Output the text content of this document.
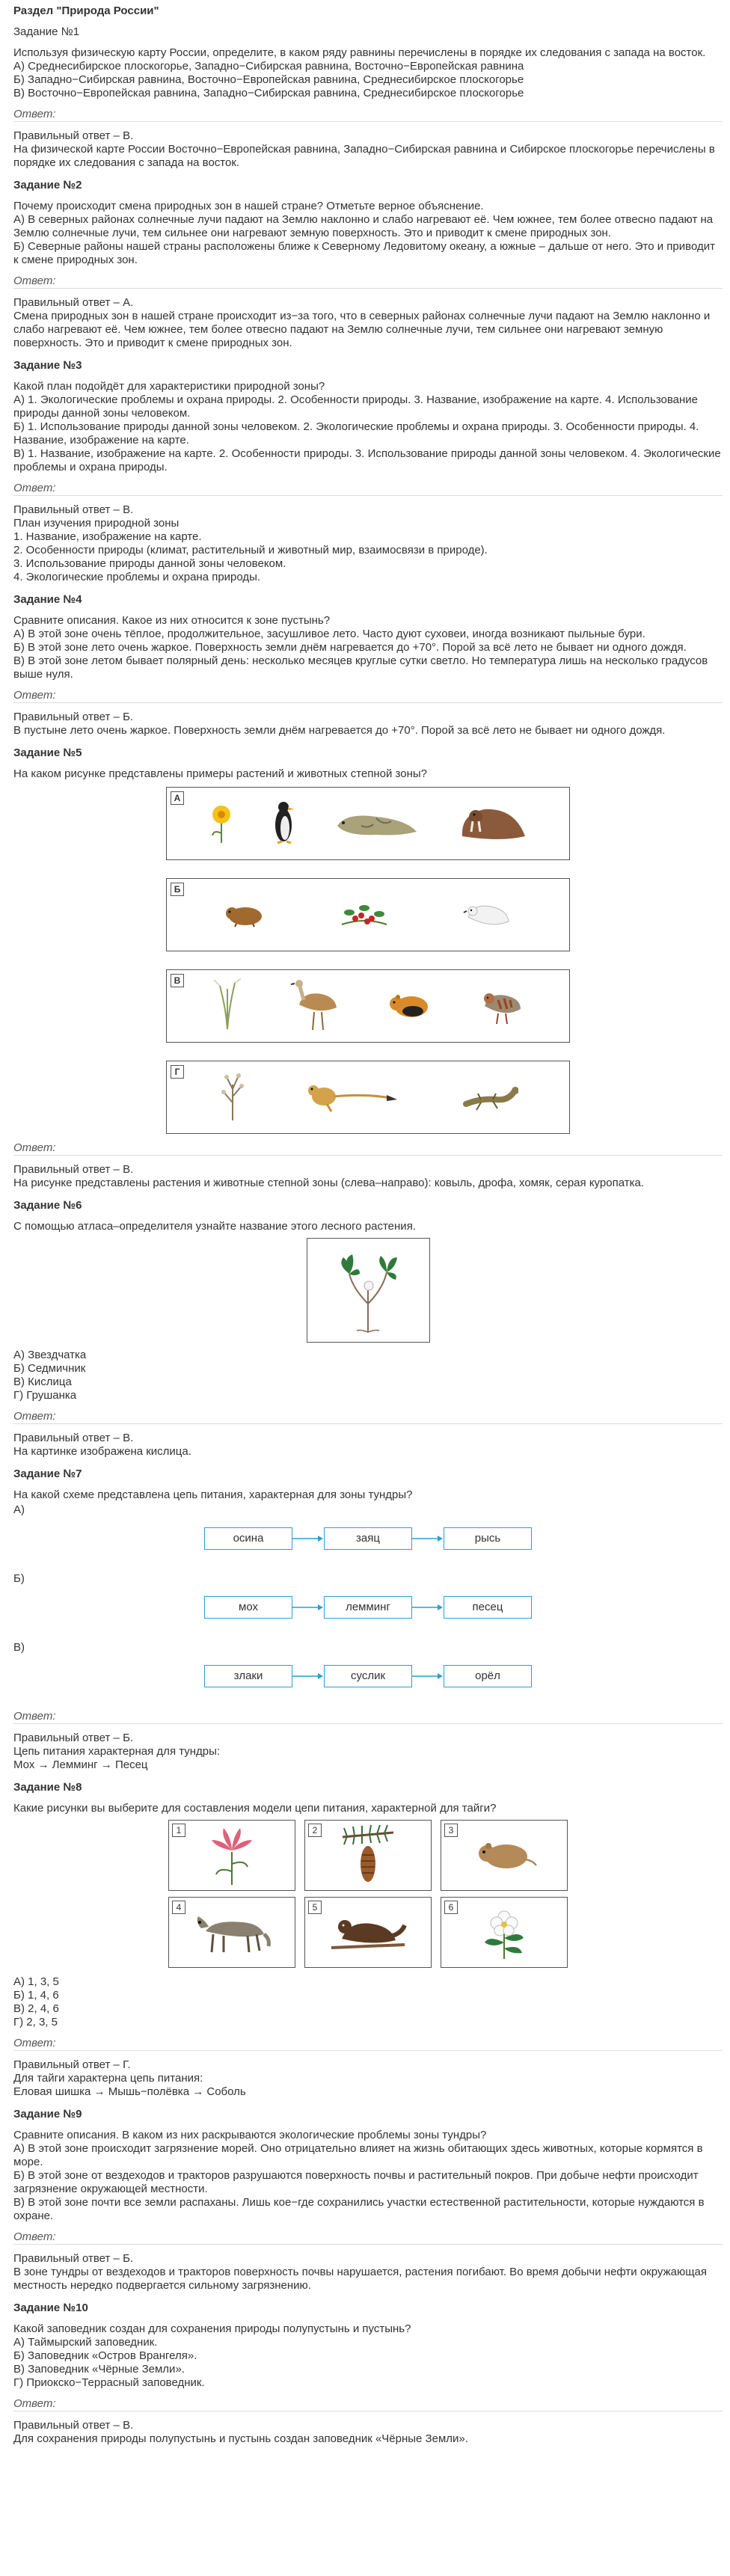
Раздел "Природа России"
Задание №1
Используя физическую карту России, определите, в каком ряду равнины перечислены в порядке их следования с запада на восток.
А) Среднесибирское плоскогорье, Западно−Сибирская равнина, Восточно−Европейская равнина
Б) Западно−Сибирская равнина, Восточно−Европейская равнина, Среднесибирское плоскогорье
В) Восточно−Европейская равнина, Западно−Сибирская равнина, Среднесибирское плоскогорье
Ответ:
Правильный ответ – В.
На физической карте России Восточно−Европейская равнина, Западно−Сибирская равнина и Сибирское плоскогорье перечислены в порядке их следования с запада на восток.
Задание №2
Почему происходит смена природных зон в нашей стране? Отметьте верное объяснение.
А) В северных районах солнечные лучи падают на Землю наклонно и слабо нагревают её. Чем южнее, тем более отвесно падают на Землю солнечные лучи, тем сильнее они нагревают земную поверхность. Это и приводит к смене природных зон.
Б) Северные районы нашей страны расположены ближе к Северному Ледовитому океану, а южные – дальше от него. Это и приводит к смене природных зон.
Ответ:
Правильный ответ – А.
Смена природных зон в нашей стране происходит из−за того, что в северных районах солнечные лучи падают на Землю наклонно и слабо нагревают её. Чем южнее, тем более отвесно падают на Землю солнечные лучи, тем сильнее они нагревают земную поверхность. Это и приводит к смене природных зон.
Задание №3
Какой план подойдёт для характеристики природной зоны?
А) 1. Экологические проблемы и охрана природы. 2. Особенности природы. 3. Название, изображение на карте. 4. Использование природы данной зоны человеком.
Б) 1. Использование природы данной зоны человеком. 2. Экологические проблемы и охрана природы. 3. Особенности природы. 4. Название, изображение на карте.
В) 1. Название, изображение на карте. 2. Особенности природы. 3. Использование природы данной зоны человеком. 4. Экологические проблемы и охрана природы.
Ответ:
Правильный ответ – В.
План изучения природной зоны
1. Название, изображение на карте.
2. Особенности природы (климат, растительный и животный мир, взаимосвязи в природе).
3. Использование природы данной зоны человеком.
4. Экологические проблемы и охрана природы.
Задание №4
Сравните описания. Какое из них относится к зоне пустынь?
А) В этой зоне очень тёплое, продолжительное, засушливое лето. Часто дуют суховеи, иногда возникают пыльные бури.
Б) В этой зоне лето очень жаркое. Поверхность земли днём нагревается до +70°. Порой за всё лето не бывает ни одного дождя.
В) В этой зоне летом бывает полярный день: несколько месяцев круглые сутки светло. Но температура лишь на несколько градусов выше нуля.
Ответ:
Правильный ответ – Б.
В пустыне лето очень жаркое. Поверхность земли днём нагревается до +70°. Порой за всё лето не бывает ни одного дождя.
Задание №5
На каком рисунке представлены примеры растений и животных степной зоны?
А
Б
В
Г
Ответ:
Правильный ответ – В.
На рисунке представлены растения и животные степной зоны (слева–направо): ковыль, дрофа, хомяк, серая куропатка.
Задание №6
С помощью атласа–определителя узнайте название этого лесного растения.
А) Звездчатка
Б) Седмичник
В) Кислица
Г) Грушанка
Ответ:
Правильный ответ – В.
На картинке изображена кислица.
Задание №7
На какой схеме представлена цепь питания, характерная для зоны тундры?
А)
осина	заяц	рысь
Б)
мох	лемминг	песец
В)
злаки	суслик	орёл
Ответ:
Правильный ответ – Б.
Цепь питания характерная для тундры:
Мох → Лемминг → Песец
Задание №8
Какие рисунки вы выберите для составления модели цепи питания, характерной для тайги?
1	2	3
4	5	6
А) 1, 3, 5
Б) 1, 4, 6
В) 2, 4, 6
Г) 2, 3, 5
Ответ:
Правильный ответ – Г.
Для тайги характерна цепь питания:
Еловая шишка → Мышь−полёвка → Соболь
Задание №9
Сравните описания. В каком из них раскрываются экологические проблемы зоны тундры?
А) В этой зоне происходит загрязнение морей. Оно отрицательно влияет на жизнь обитающих здесь животных, которые кормятся в море.
Б) В этой зоне от вездеходов и тракторов разрушаются поверхность почвы и растительный покров. При добыче нефти происходит загрязнение окружающей местности.
В) В этой зоне почти все земли распаханы. Лишь кое−где сохранились участки естественной растительности, которые нуждаются в охране.
Ответ:
Правильный ответ – Б.
В зоне тундры от вездеходов и тракторов поверхность почвы нарушается, растения погибают. Во время добычи нефти окружающая местность нередко подвергается сильному загрязнению.
Задание №10
Какой заповедник создан для сохранения природы полупустынь и пустынь?
А) Таймырский заповедник.
Б) Заповедник «Остров Врангеля».
В) Заповедник «Чёрные Земли».
Г) Приокско−Террасный заповедник.
Ответ:
Правильный ответ – В.
Для сохранения природы полупустынь и пустынь создан заповедник «Чёрные Земли».
